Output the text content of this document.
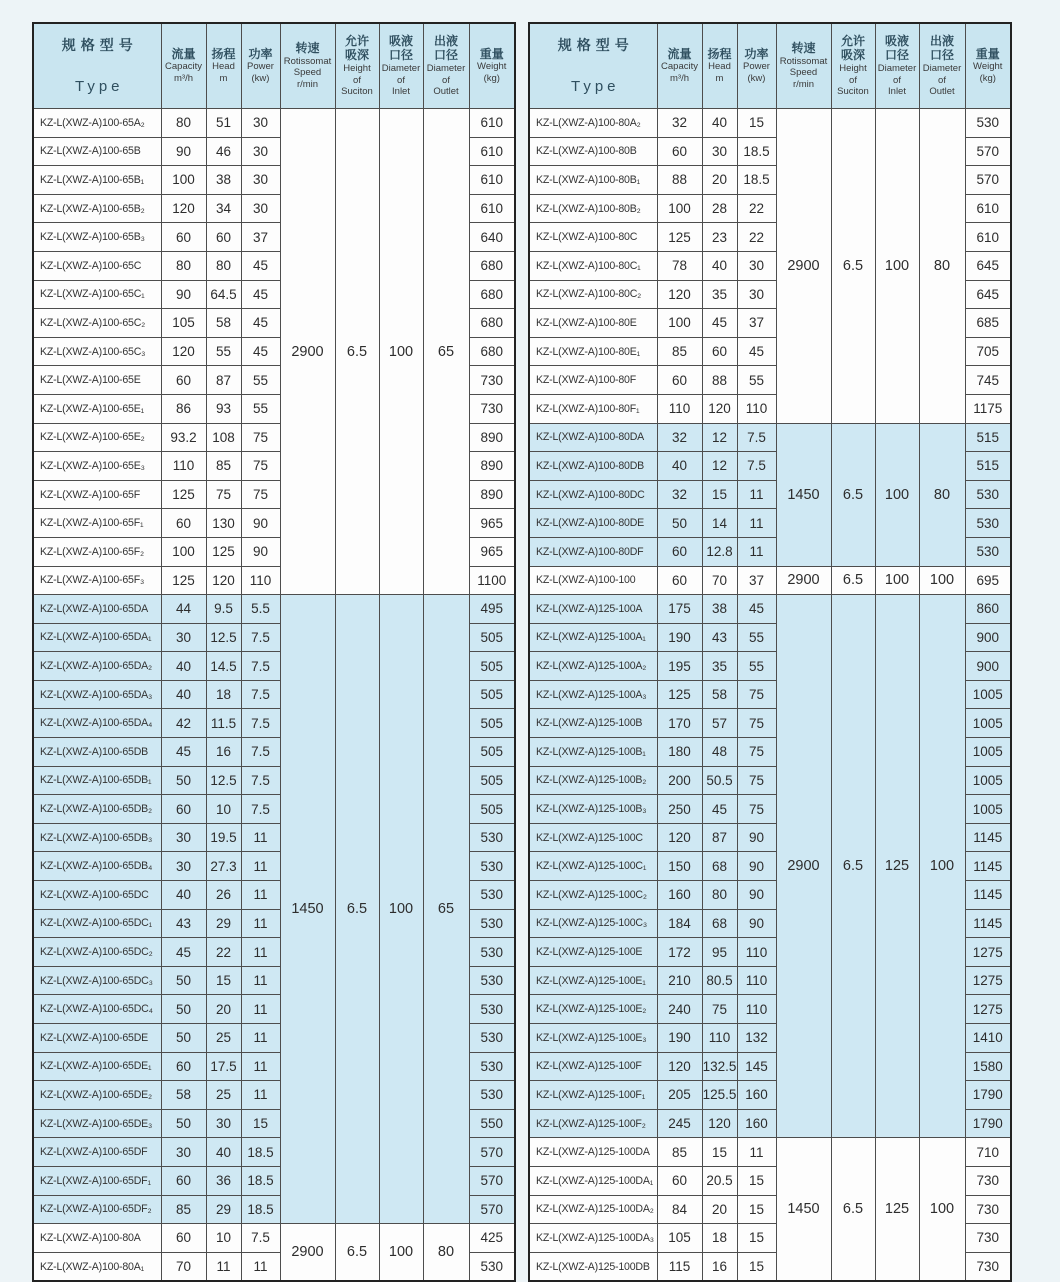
规格型号
Type

流量
Capacity
m³/h

扬程
Head
m

功率
Power
(kw)

转速
Rotissomat
Speed
r/min

允许
吸深
Height
of
Suciton

吸液
口径
Diameter
of
Inlet

出液
口径
Diameter
of
Outlet

重量
Weight
(kg)

KZ-L(XWZ-A)100-65A₂	80	51	30	2900	6.5	100	65	610
KZ-L(XWZ-A)100-65B	90	46	30					610
KZ-L(XWZ-A)100-65B₁	100	38	30					610
KZ-L(XWZ-A)100-65B₂	120	34	30					610
KZ-L(XWZ-A)100-65B₃	60	60	37					640
KZ-L(XWZ-A)100-65C	80	80	45					680
KZ-L(XWZ-A)100-65C₁	90	64.5	45					680
KZ-L(XWZ-A)100-65C₂	105	58	45					680
KZ-L(XWZ-A)100-65C₃	120	55	45					680
KZ-L(XWZ-A)100-65E	60	87	55					730
KZ-L(XWZ-A)100-65E₁	86	93	55					730
KZ-L(XWZ-A)100-65E₂	93.2	108	75					890
KZ-L(XWZ-A)100-65E₃	110	85	75					890
KZ-L(XWZ-A)100-65F	125	75	75					890
KZ-L(XWZ-A)100-65F₁	60	130	90					965
KZ-L(XWZ-A)100-65F₂	100	125	90					965
KZ-L(XWZ-A)100-65F₃	125	120	110					1100
KZ-L(XWZ-A)100-65DA	44	9.5	5.5	1450	6.5	100	65	495
KZ-L(XWZ-A)100-65DA₁	30	12.5	7.5					505
KZ-L(XWZ-A)100-65DA₂	40	14.5	7.5					505
KZ-L(XWZ-A)100-65DA₃	40	18	7.5					505
KZ-L(XWZ-A)100-65DA₄	42	11.5	7.5					505
KZ-L(XWZ-A)100-65DB	45	16	7.5					505
KZ-L(XWZ-A)100-65DB₁	50	12.5	7.5					505
KZ-L(XWZ-A)100-65DB₂	60	10	7.5					505
KZ-L(XWZ-A)100-65DB₃	30	19.5	11					530
KZ-L(XWZ-A)100-65DB₄	30	27.3	11					530
KZ-L(XWZ-A)100-65DC	40	26	11					530
KZ-L(XWZ-A)100-65DC₁	43	29	11					530
KZ-L(XWZ-A)100-65DC₂	45	22	11					530
KZ-L(XWZ-A)100-65DC₃	50	15	11					530
KZ-L(XWZ-A)100-65DC₄	50	20	11					530
KZ-L(XWZ-A)100-65DE	50	25	11					530
KZ-L(XWZ-A)100-65DE₁	60	17.5	11					530
KZ-L(XWZ-A)100-65DE₂	58	25	11					530
KZ-L(XWZ-A)100-65DE₃	50	30	15					550
KZ-L(XWZ-A)100-65DF	30	40	18.5					570
KZ-L(XWZ-A)100-65DF₁	60	36	18.5					570
KZ-L(XWZ-A)100-65DF₂	85	29	18.5					570
KZ-L(XWZ-A)100-80A	60	10	7.5	2900	6.5	100	80	425
KZ-L(XWZ-A)100-80A₁	70	11	11					530
规格型号
Type

流量
Capacity
m³/h

扬程
Head
m

功率
Power
(kw)

转速
Rotissomat
Speed
r/min

允许
吸深
Height
of
Suciton

吸液
口径
Diameter
of
Inlet

出液
口径
Diameter
of
Outlet

重量
Weight
(kg)

KZ-L(XWZ-A)100-80A₂	32	40	15	2900	6.5	100	80	530
KZ-L(XWZ-A)100-80B	60	30	18.5					570
KZ-L(XWZ-A)100-80B₁	88	20	18.5					570
KZ-L(XWZ-A)100-80B₂	100	28	22					610
KZ-L(XWZ-A)100-80C	125	23	22					610
KZ-L(XWZ-A)100-80C₁	78	40	30					645
KZ-L(XWZ-A)100-80C₂	120	35	30					645
KZ-L(XWZ-A)100-80E	100	45	37					685
KZ-L(XWZ-A)100-80E₁	85	60	45					705
KZ-L(XWZ-A)100-80F	60	88	55					745
KZ-L(XWZ-A)100-80F₁	110	120	110					1175
KZ-L(XWZ-A)100-80DA	32	12	7.5	1450	6.5	100	80	515
KZ-L(XWZ-A)100-80DB	40	12	7.5					515
KZ-L(XWZ-A)100-80DC	32	15	11					530
KZ-L(XWZ-A)100-80DE	50	14	11					530
KZ-L(XWZ-A)100-80DF	60	12.8	11					530
KZ-L(XWZ-A)100-100	60	70	37	2900	6.5	100	100	695
KZ-L(XWZ-A)125-100A	175	38	45	2900	6.5	125	100	860
KZ-L(XWZ-A)125-100A₁	190	43	55					900
KZ-L(XWZ-A)125-100A₂	195	35	55					900
KZ-L(XWZ-A)125-100A₃	125	58	75					1005
KZ-L(XWZ-A)125-100B	170	57	75					1005
KZ-L(XWZ-A)125-100B₁	180	48	75					1005
KZ-L(XWZ-A)125-100B₂	200	50.5	75					1005
KZ-L(XWZ-A)125-100B₃	250	45	75					1005
KZ-L(XWZ-A)125-100C	120	87	90					1145
KZ-L(XWZ-A)125-100C₁	150	68	90					1145
KZ-L(XWZ-A)125-100C₂	160	80	90					1145
KZ-L(XWZ-A)125-100C₃	184	68	90					1145
KZ-L(XWZ-A)125-100E	172	95	110					1275
KZ-L(XWZ-A)125-100E₁	210	80.5	110					1275
KZ-L(XWZ-A)125-100E₂	240	75	110					1275
KZ-L(XWZ-A)125-100E₃	190	110	132					1410
KZ-L(XWZ-A)125-100F	120	132.5	145					1580
KZ-L(XWZ-A)125-100F₁	205	125.5	160					1790
KZ-L(XWZ-A)125-100F₂	245	120	160					1790
KZ-L(XWZ-A)125-100DA	85	15	11	1450	6.5	125	100	710
KZ-L(XWZ-A)125-100DA₁	60	20.5	15					730
KZ-L(XWZ-A)125-100DA₂	84	20	15					730
KZ-L(XWZ-A)125-100DA₃	105	18	15					730
KZ-L(XWZ-A)125-100DB	115	16	15					730
